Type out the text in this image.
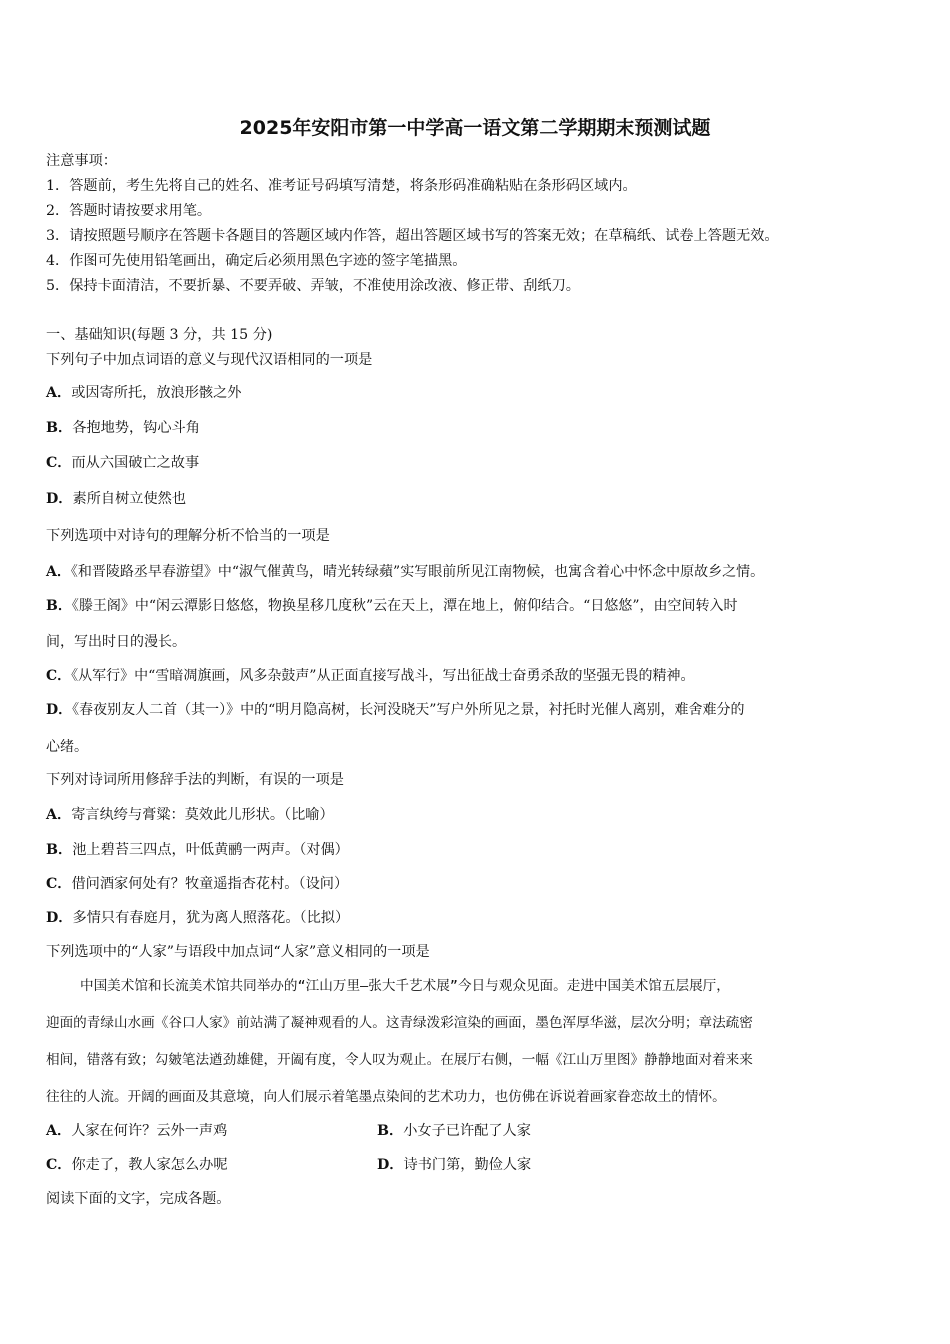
2025年安阳市第一中学高一语文第二学期期末预测试题
注意事项：
1．答题前，考生先将自己的姓名、准考证号码填写清楚，将条形码准确粘贴在条形码区域内。
2．答题时请按要求用笔。
3．请按照题号顺序在答题卡各题目的答题区域内作答，超出答题区域书写的答案无效；在草稿纸、试卷上答题无效。
4．作图可先使用铅笔画出，确定后必须用黑色字迹的签字笔描黑。
5．保持卡面清洁，不要折暴、不要弄破、弄皱，不准使用涂改液、修正带、刮纸刀。
一、基础知识(每题 3 分，共 15 分)
下列句子中加点词语的意义与现代汉语相同的一项是
A．或因寄所托，放浪形骸之外
B．各抱地势，钩心斗角
C．而从六国破亡之故事
D．素所自树立使然也
下列选项中对诗句的理解分析不恰当的一项是
A．《和晋陵路丞早春游望》中“淑气催黄鸟，晴光转绿蘋”实写眼前所见江南物候，也寓含着心中怀念中原故乡之情。
B．《滕王阁》中“闲云潭影日悠悠，物换星移几度秋”云在天上，潭在地上，俯仰结合。“日悠悠”，由空间转入时
间，写出时日的漫长。
C．《从军行》中“雪暗凋旗画，风多杂鼓声”从正面直接写战斗，写出征战士奋勇杀敌的坚强无畏的精神。
D．《春夜别友人二首（其一）》中的“明月隐高树，长河没晓天”写户外所见之景，衬托时光催人离别，难舍难分的
心绪。
下列对诗词所用修辞手法的判断，有误的一项是
A．寄言纨绔与膏粱：莫效此儿形状。（比喻）
B．池上碧苔三四点，叶低黄鹂一两声。（对偶）
C．借问酒家何处有？牧童遥指杏花村。（设问）
D．多情只有春庭月，犹为离人照落花。（比拟）
下列选项中的“人家”与语段中加点词“人家”意义相同的一项是
中国美术馆和长流美术馆共同举办的“江山万里—张大千艺术展”今日与观众见面。走进中国美术馆五层展厅，
迎面的青绿山水画《谷口人家》前站满了凝神观看的人。这青绿泼彩渲染的画面，墨色浑厚华滋，层次分明；章法疏密
相间，错落有致；勾皴笔法遒劲雄健，开阖有度，令人叹为观止。在展厅右侧，一幅《江山万里图》静静地面对着来来
往往的人流。开阔的画面及其意境，向人们展示着笔墨点染间的艺术功力，也仿佛在诉说着画家眷恋故土的情怀。
A．人家在何许？云外一声鸡	B．小女子已许配了人家
C．你走了，教人家怎么办呢	D．诗书门第，勤俭人家
阅读下面的文字，完成各题。
